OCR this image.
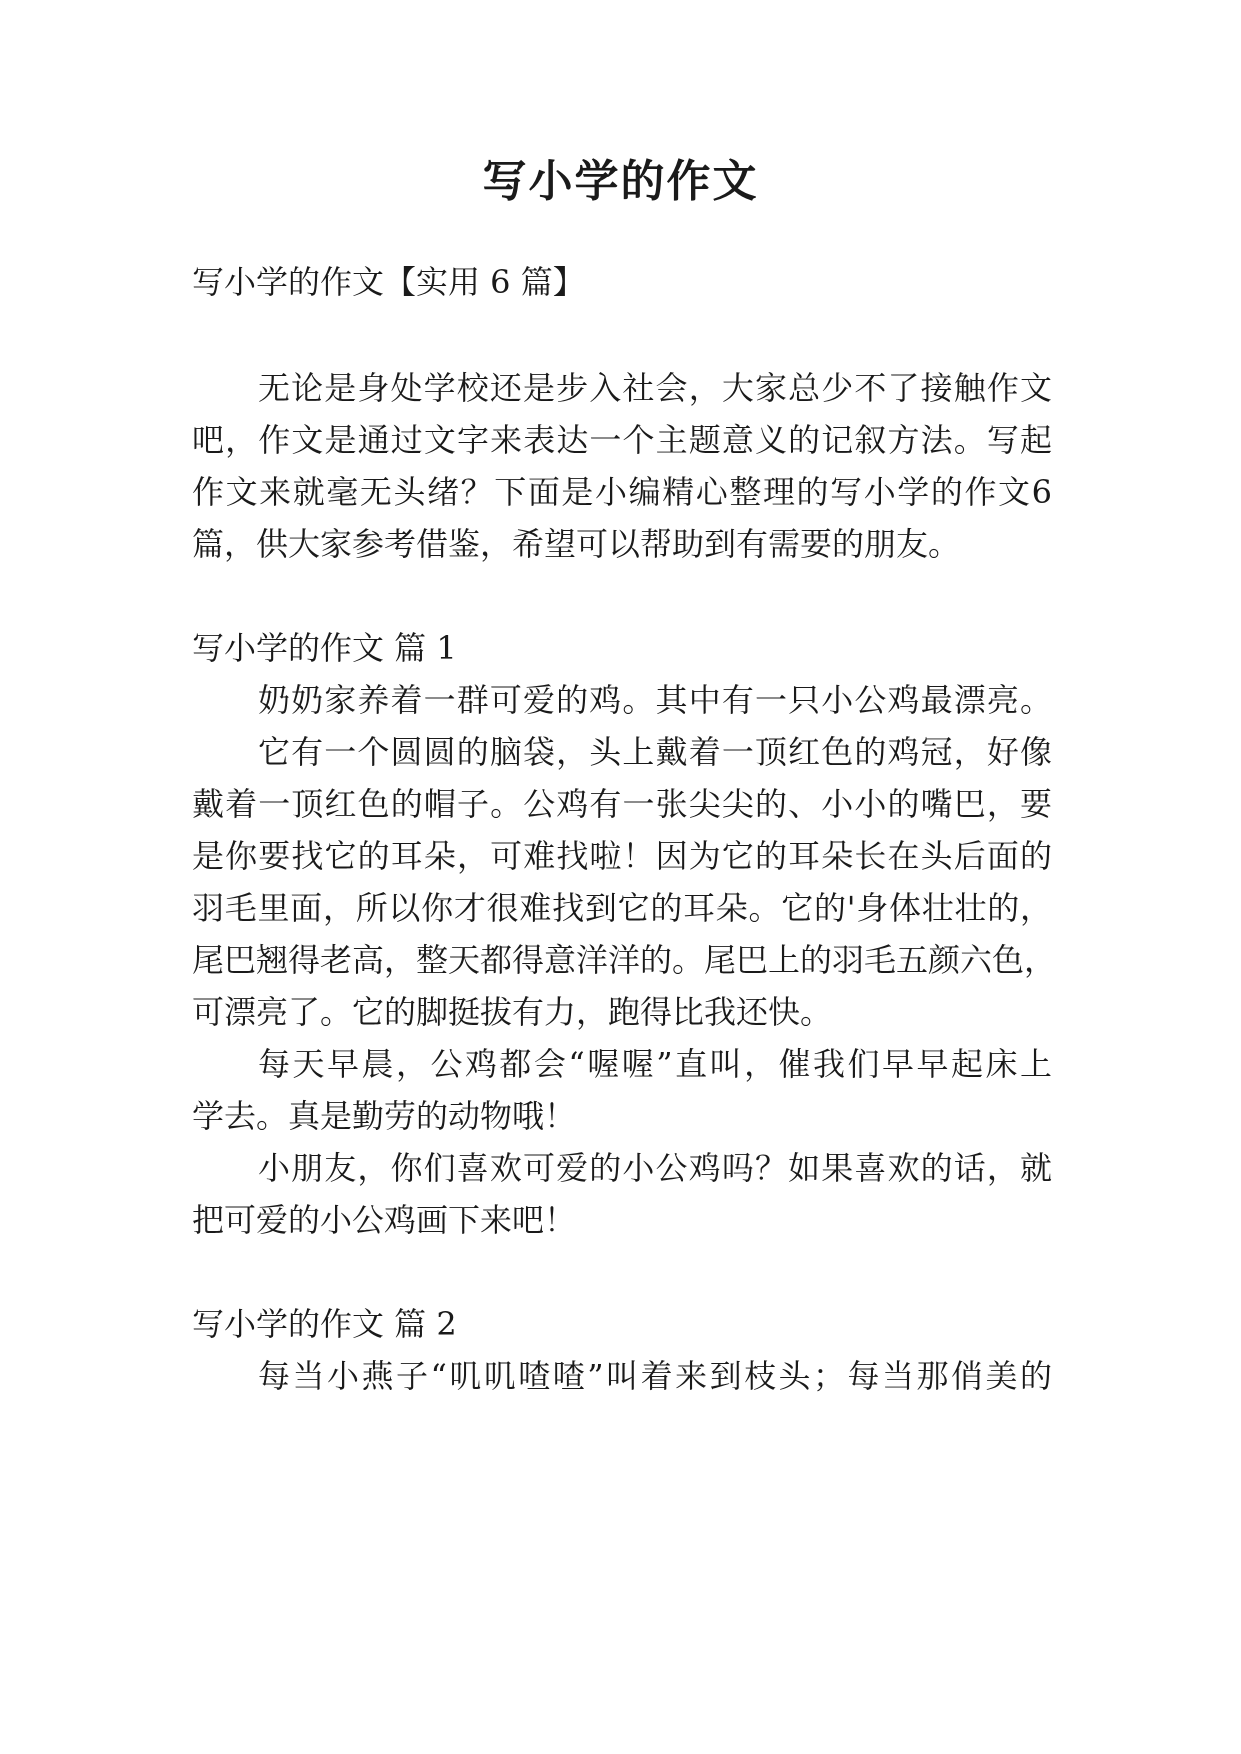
写小学的作文
写小学的作文【实用 6 篇】
无论是身处学校还是步入社会，大家总少不了接触作文
吧，作文是通过文字来表达一个主题意义的记叙方法。写起
作文来就毫无头绪？下面是小编精心整理的写小学的作文6
篇，供大家参考借鉴，希望可以帮助到有需要的朋友。
写小学的作文 篇 1
奶奶家养着一群可爱的鸡。其中有一只小公鸡最漂亮。
它有一个圆圆的脑袋，头上戴着一顶红色的鸡冠，好像
戴着一顶红色的帽子。公鸡有一张尖尖的、小小的嘴巴，要
是你要找它的耳朵，可难找啦！因为它的耳朵长在头后面的
羽毛里面，所以你才很难找到它的耳朵。它的'身体壮壮的，
尾巴翘得老高，整天都得意洋洋的。尾巴上的羽毛五颜六色，
可漂亮了。它的脚挺拔有力，跑得比我还快。
每天早晨，公鸡都会“喔喔”直叫，催我们早早起床上
学去。真是勤劳的动物哦！
小朋友，你们喜欢可爱的小公鸡吗？如果喜欢的话，就
把可爱的小公鸡画下来吧！
写小学的作文 篇 2
每当小燕子“叽叽喳喳”叫着来到枝头；每当那俏美的
